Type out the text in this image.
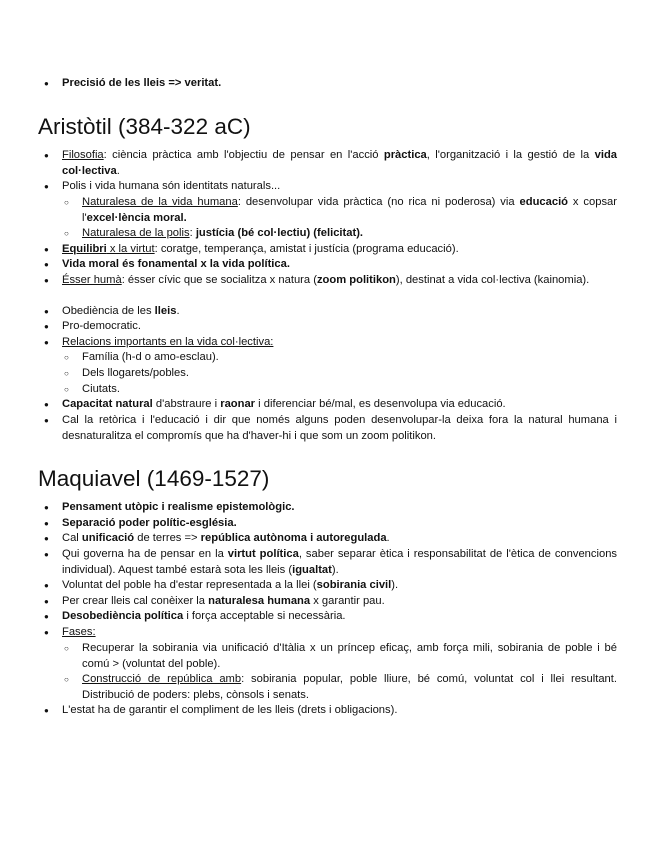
●	Precisió de les lleis => veritat.
Aristòtil (384-322 aC)
●	Filosofia: ciència pràctica amb l'objectiu de pensar en l'acció pràctica, l'organització i la gestió de la vida col·lectiva.
●	Polis i vida humana són identitats naturals...
○	Naturalesa de la vida humana: desenvolupar vida pràctica (no rica ni poderosa) via educació x copsar l'excel·lència moral.
○	Naturalesa de la polis: justícia (bé col·lectiu) (felicitat).
●	Equilibri x la virtut: coratge, temperança, amistat i justícia (programa educació).
●	Vida moral és fonamental x la vida política.
●	Ésser humà: ésser cívic que se socialitza x natura (zoom politikon), destinat a vida col·lectiva (kainomia).
●	Obediència de les lleis.
●	Pro-democratic.
●	Relacions importants en la vida col·lectiva:
○	Família (h-d o amo-esclau).
○	Dels llogarets/pobles.
○	Ciutats.
●	Capacitat natural d'abstraure i raonar i diferenciar bé/mal, es desenvolupa via educació.
●	Cal la retòrica i l'educació i dir que només alguns poden desenvolupar-la deixa fora la natural humana i desnaturalitza el compromís que ha d'haver-hi i que som un zoom politikon.
Maquiavel (1469-1527)
●	Pensament utòpic i realisme epistemològic.
●	Separació poder polític-església.
●	Cal unificació de terres => república autònoma i autoregulada.
●	Qui governa ha de pensar en la virtut política, saber separar ètica i responsabilitat de l'ètica de convencions individual). Aquest també estarà sota les lleis (igualtat).
●	Voluntat del poble ha d'estar representada a la llei (sobirania civil).
●	Per crear lleis cal conèixer la naturalesa humana x garantir pau.
●	Desobediència política i força acceptable si necessària.
●	Fases:
○	Recuperar la sobirania via unificació d'Itàlia x un príncep eficaç, amb força mili, sobirania de poble i bé comú > (voluntat del poble).
○	Construcció de república amb: sobirania popular, poble lliure, bé comú, voluntat col i llei resultant. Distribució de poders: plebs, cònsols i senats.
●	L'estat ha de garantir el compliment de les lleis (drets i obligacions).
